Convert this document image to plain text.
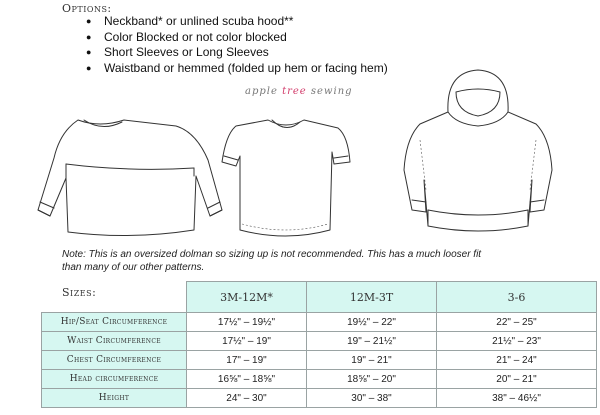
Options:
● Neckband* or unlined scuba hood**
● Color Blocked or not color blocked
● Short Sleeves or Long Sleeves
● Waistband or hemmed (folded up hem or facing hem)
apple tree sewing
Note: This is an oversized dolman so sizing up is not recommended. This has a much looser fit
than many of our other patterns.
	3M-12M*	12M-3T	3-6
Hip/Seat Circumference	17½" – 19½"	19½" – 22"	22" – 25"
Waist Circumference	17½" – 19"	19" – 21½"	21½" – 23"
Chest Circumference	17" – 19"	19" – 21"	21" – 24"
Head circumference	16⅝" – 18⅝"	18⅝" – 20"	20" – 21"
Height	24" – 30"	30" – 38"	38" – 46½"
Sizes:
